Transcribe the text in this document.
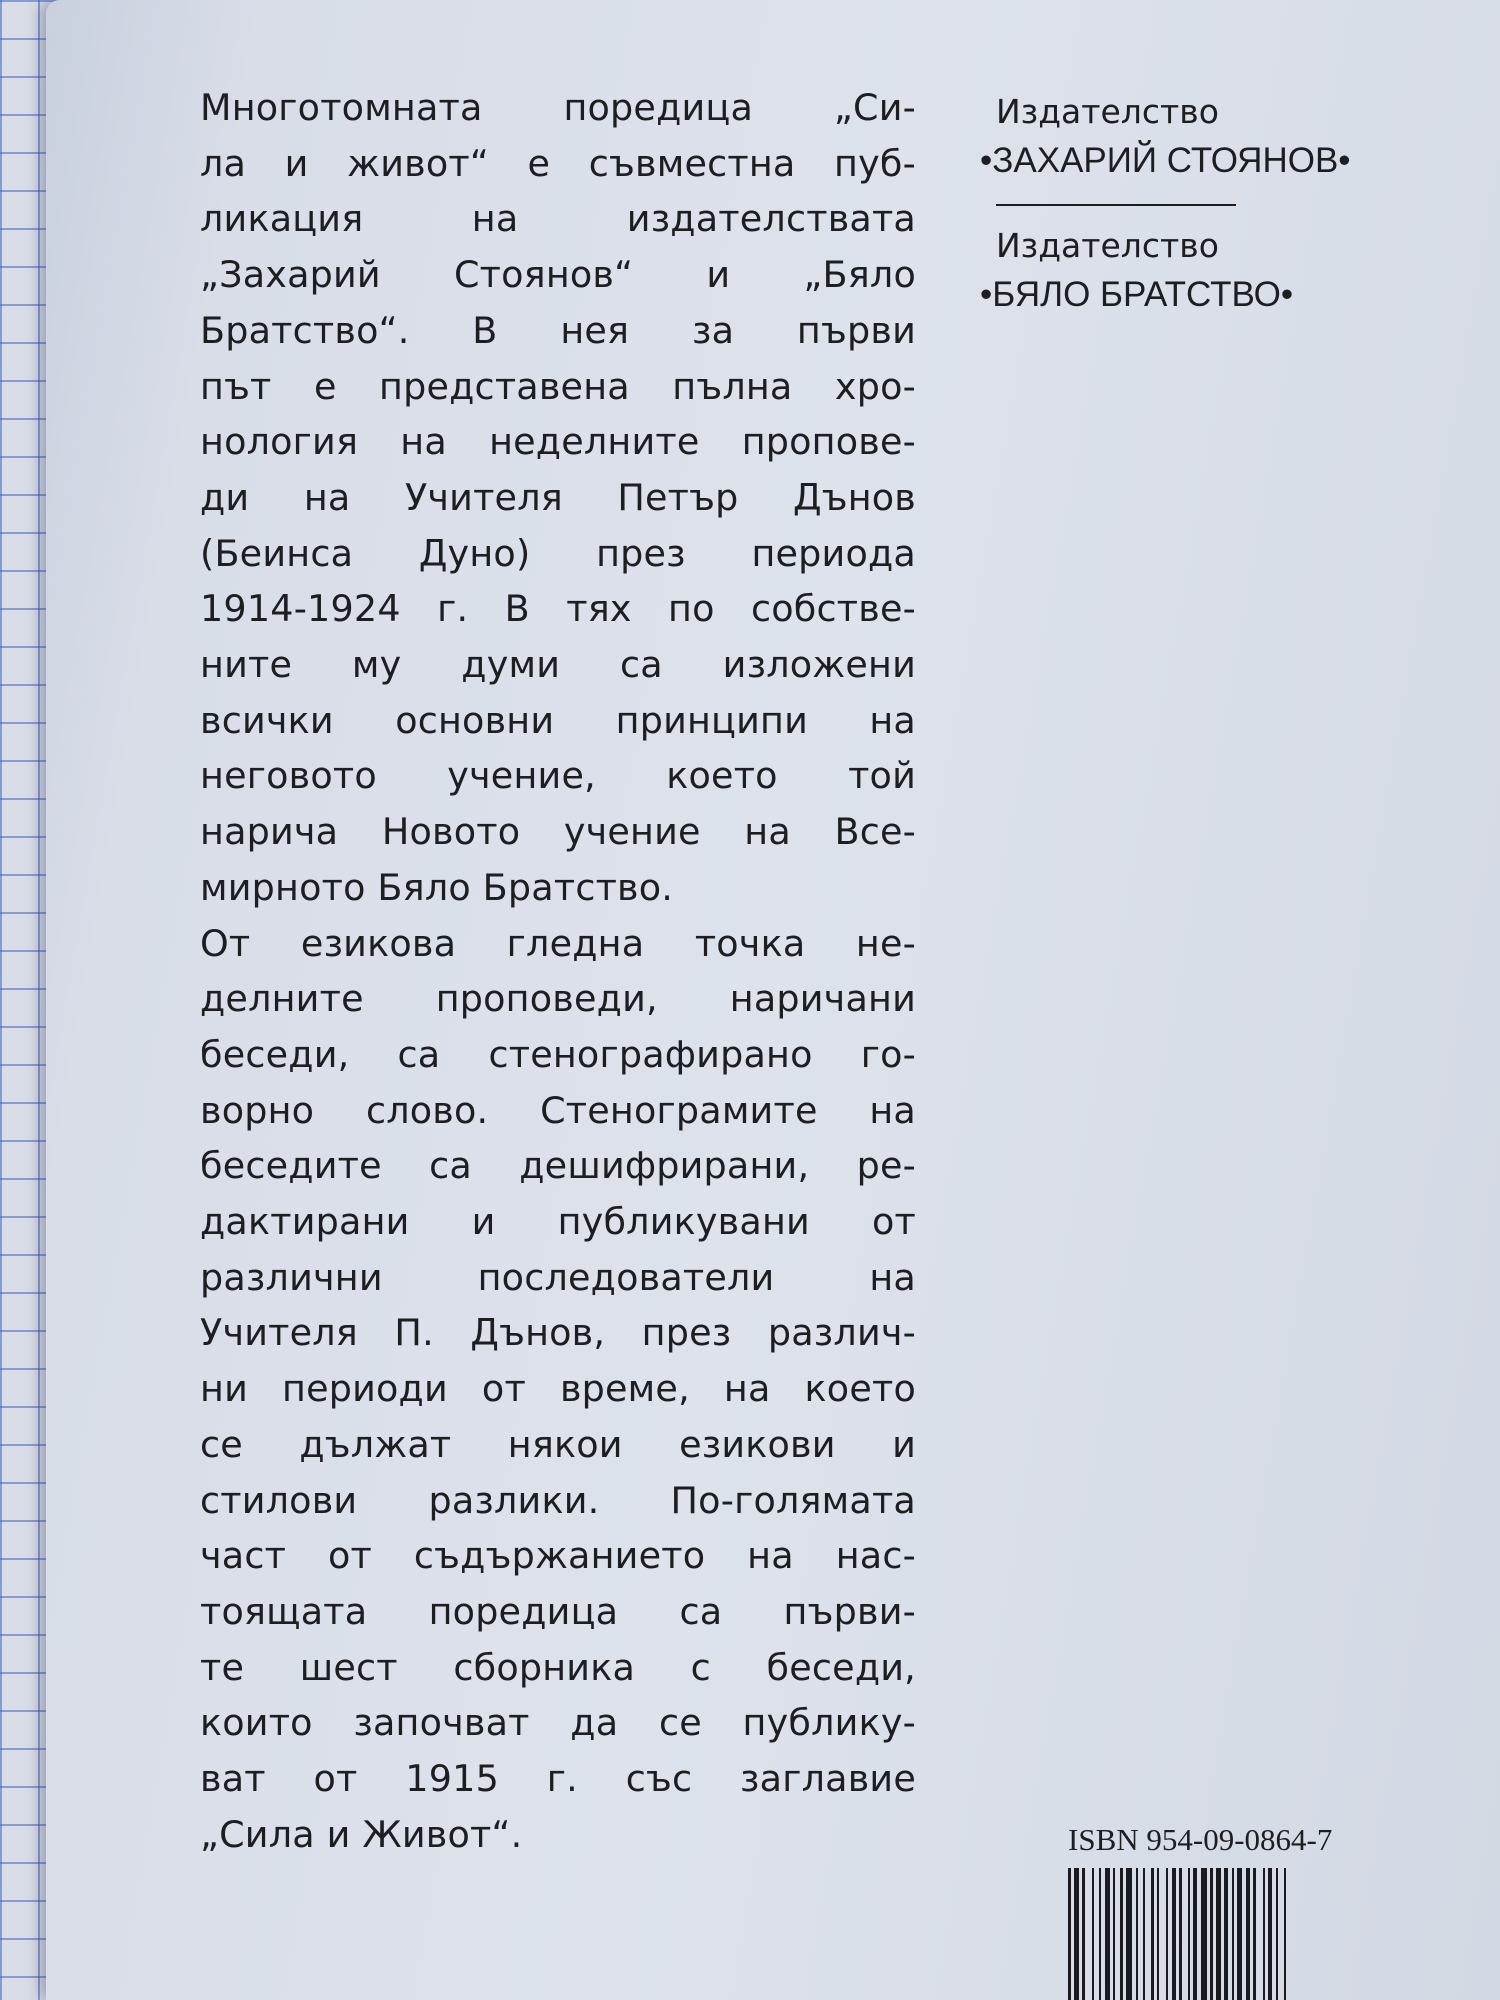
Многотомната поредица „Си-
ла и живот“ е съвместна пуб-
ликация на издателствата
„Захарий Стоянов“ и „Бяло
Братство“. В нея за първи
път е представена пълна хро-
нология на неделните пропове-
ди на Учителя Петър Дънов
(Беинса Дуно) през периода
1914-1924 г. В тях по собстве-
ните му думи са изложени
всички основни принципи на
неговото учение, което той
нарича Новото учение на Все-
мирното Бяло Братство.
От езикова гледна точка не-
делните проповеди, наричани
беседи, са стенографирано го-
ворно слово. Стенограмите на
беседите са дешифрирани, ре-
дактирани и публикувани от
различни последователи на
Учителя П. Дънов, през различ-
ни периоди от време, на което
се дължат някои езикови и
стилови разлики. По-голямата
част от съдържанието на нас-
тоящата поредица са първи-
те шест сборника с беседи,
които започват да се публику-
ват от 1915 г. със заглавие
„Сила и Живот“.
Издателство
•ЗАХАРИЙ СТОЯНОВ•
Издателство
•БЯЛО БРАТСТВО•
ISBN 954-09-0864-7
